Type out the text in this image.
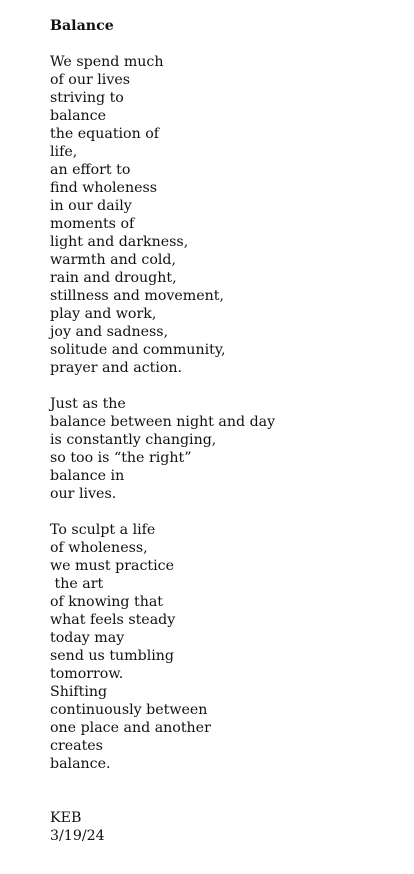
Balance
We spend much
of our lives
striving to
balance
the equation of
life,
an effort to
find wholeness
in our daily
moments of
light and darkness,
warmth and cold,
rain and drought,
stillness and movement,
play and work,
joy and sadness,
solitude and community,
prayer and action.
Just as the
balance between night and day
is constantly changing,
so too is “the right”
balance in
our lives.
To sculpt a life
of wholeness,
we must practice
the art
of knowing that
what feels steady
today may
send us tumbling
tomorrow.
Shifting
continuously between
one place and another
creates
balance.
KEB
3/19/24
